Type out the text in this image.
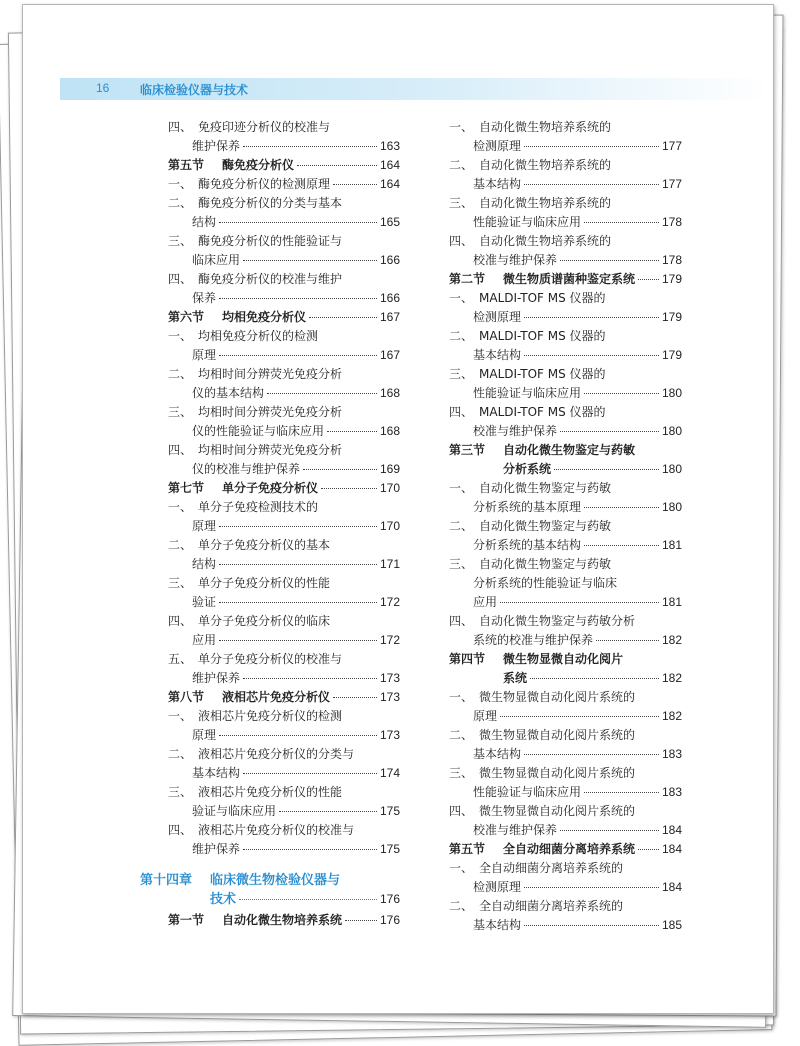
16	临床检验仪器与技术
四、 免疫印迹分析仪的校准与
维护保养	163
第五节	酶免疫分析仪	164
一、 酶免疫分析仪的检测原理	164
二、 酶免疫分析仪的分类与基本
结构	165
三、 酶免疫分析仪的性能验证与
临床应用	166
四、 酶免疫分析仪的校准与维护
保养	166
第六节	均相免疫分析仪	167
一、 均相免疫分析仪的检测
原理	167
二、 均相时间分辨荧光免疫分析
仪的基本结构	168
三、 均相时间分辨荧光免疫分析
仪的性能验证与临床应用	168
四、 均相时间分辨荧光免疫分析
仪的校准与维护保养	169
第七节	单分子免疫分析仪	170
一、 单分子免疫检测技术的
原理	170
二、 单分子免疫分析仪的基本
结构	171
三、 单分子免疫分析仪的性能
验证	172
四、 单分子免疫分析仪的临床
应用	172
五、 单分子免疫分析仪的校准与
维护保养	173
第八节	液相芯片免疫分析仪	173
一、 液相芯片免疫分析仪的检测
原理	173
二、 液相芯片免疫分析仪的分类与
基本结构	174
三、 液相芯片免疫分析仪的性能
验证与临床应用	175
四、 液相芯片免疫分析仪的校准与
维护保养	175
第十四章	临床微生物检验仪器与
技术	176
第一节	自动化微生物培养系统	176
一、 自动化微生物培养系统的
检测原理	177
二、 自动化微生物培养系统的
基本结构	177
三、 自动化微生物培养系统的
性能验证与临床应用	178
四、 自动化微生物培养系统的
校准与维护保养	178
第二节	微生物质谱菌种鉴定系统 179
一、 MALDI-TOF MS 仪器的
检测原理	179
二、 MALDI-TOF MS 仪器的
基本结构	179
三、 MALDI-TOF MS 仪器的
性能验证与临床应用	180
四、 MALDI-TOF MS 仪器的
校准与维护保养	180
第三节	自动化微生物鉴定与药敏
分析系统	180
一、 自动化微生物鉴定与药敏
分析系统的基本原理	180
二、 自动化微生物鉴定与药敏
分析系统的基本结构	181
三、 自动化微生物鉴定与药敏
分析系统的性能验证与临床
应用	181
四、 自动化微生物鉴定与药敏分析
系统的校准与维护保养	182
第四节	微生物显微自动化阅片
系统	182
一、 微生物显微自动化阅片系统的
原理	182
二、 微生物显微自动化阅片系统的
基本结构	183
三、 微生物显微自动化阅片系统的
性能验证与临床应用	183
四、 微生物显微自动化阅片系统的
校准与维护保养	184
第五节	全自动细菌分离培养系统 184
一、 全自动细菌分离培养系统的
检测原理	184
二、 全自动细菌分离培养系统的
基本结构	185
